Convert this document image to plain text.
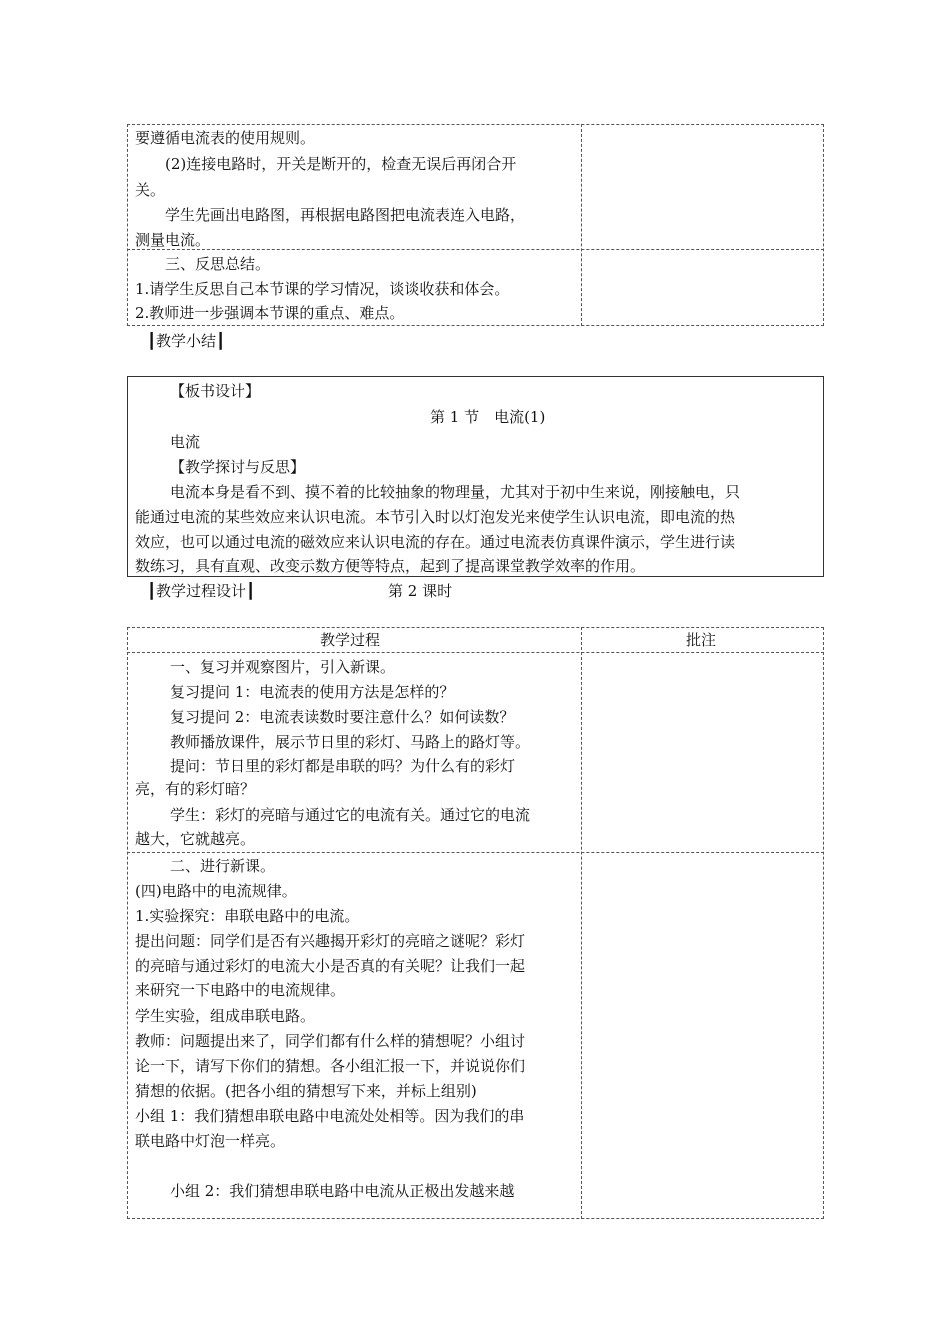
要遵循电流表的使用规则。
(2)连接电路时，开关是断开的，检查无误后再闭合开
关。
学生先画出电路图，再根据电路图把电流表连入电路，
测量电流。
三、反思总结。
1.请学生反思自己本节课的学习情况，谈谈收获和体会。
2.教师进一步强调本节课的重点、难点。
┃教学小结┃
【板书设计】
第 1 节　电流(1)
电流
【教学探讨与反思】
电流本身是看不到、摸不着的比较抽象的物理量，尤其对于初中生来说，刚接触电，只
能通过电流的某些效应来认识电流。本节引入时以灯泡发光来使学生认识电流，即电流的热
效应，也可以通过电流的磁效应来认识电流的存在。通过电流表仿真课件演示，学生进行读
数练习，具有直观、改变示数方便等特点，起到了提高课堂教学效率的作用。
┃教学过程设计┃	第 2 课时
教学过程	批注
一、复习并观察图片，引入新课。
复习提问 1：电流表的使用方法是怎样的？
复习提问 2：电流表读数时要注意什么？如何读数？
教师播放课件，展示节日里的彩灯、马路上的路灯等。
提问：节日里的彩灯都是串联的吗？为什么有的彩灯
亮，有的彩灯暗？
学生：彩灯的亮暗与通过它的电流有关。通过它的电流
越大，它就越亮。
二、进行新课。
(四)电路中的电流规律。
1.实验探究：串联电路中的电流。
提出问题：同学们是否有兴趣揭开彩灯的亮暗之谜呢？彩灯
的亮暗与通过彩灯的电流大小是否真的有关呢？让我们一起
来研究一下电路中的电流规律。
学生实验，组成串联电路。
教师：问题提出来了，同学们都有什么样的猜想呢？小组讨
论一下，请写下你们的猜想。各小组汇报一下，并说说你们
猜想的依据。(把各小组的猜想写下来，并标上组别)
小组 1：我们猜想串联电路中电流处处相等。因为我们的串
联电路中灯泡一样亮。
小组 2：我们猜想串联电路中电流从正极出发越来越
